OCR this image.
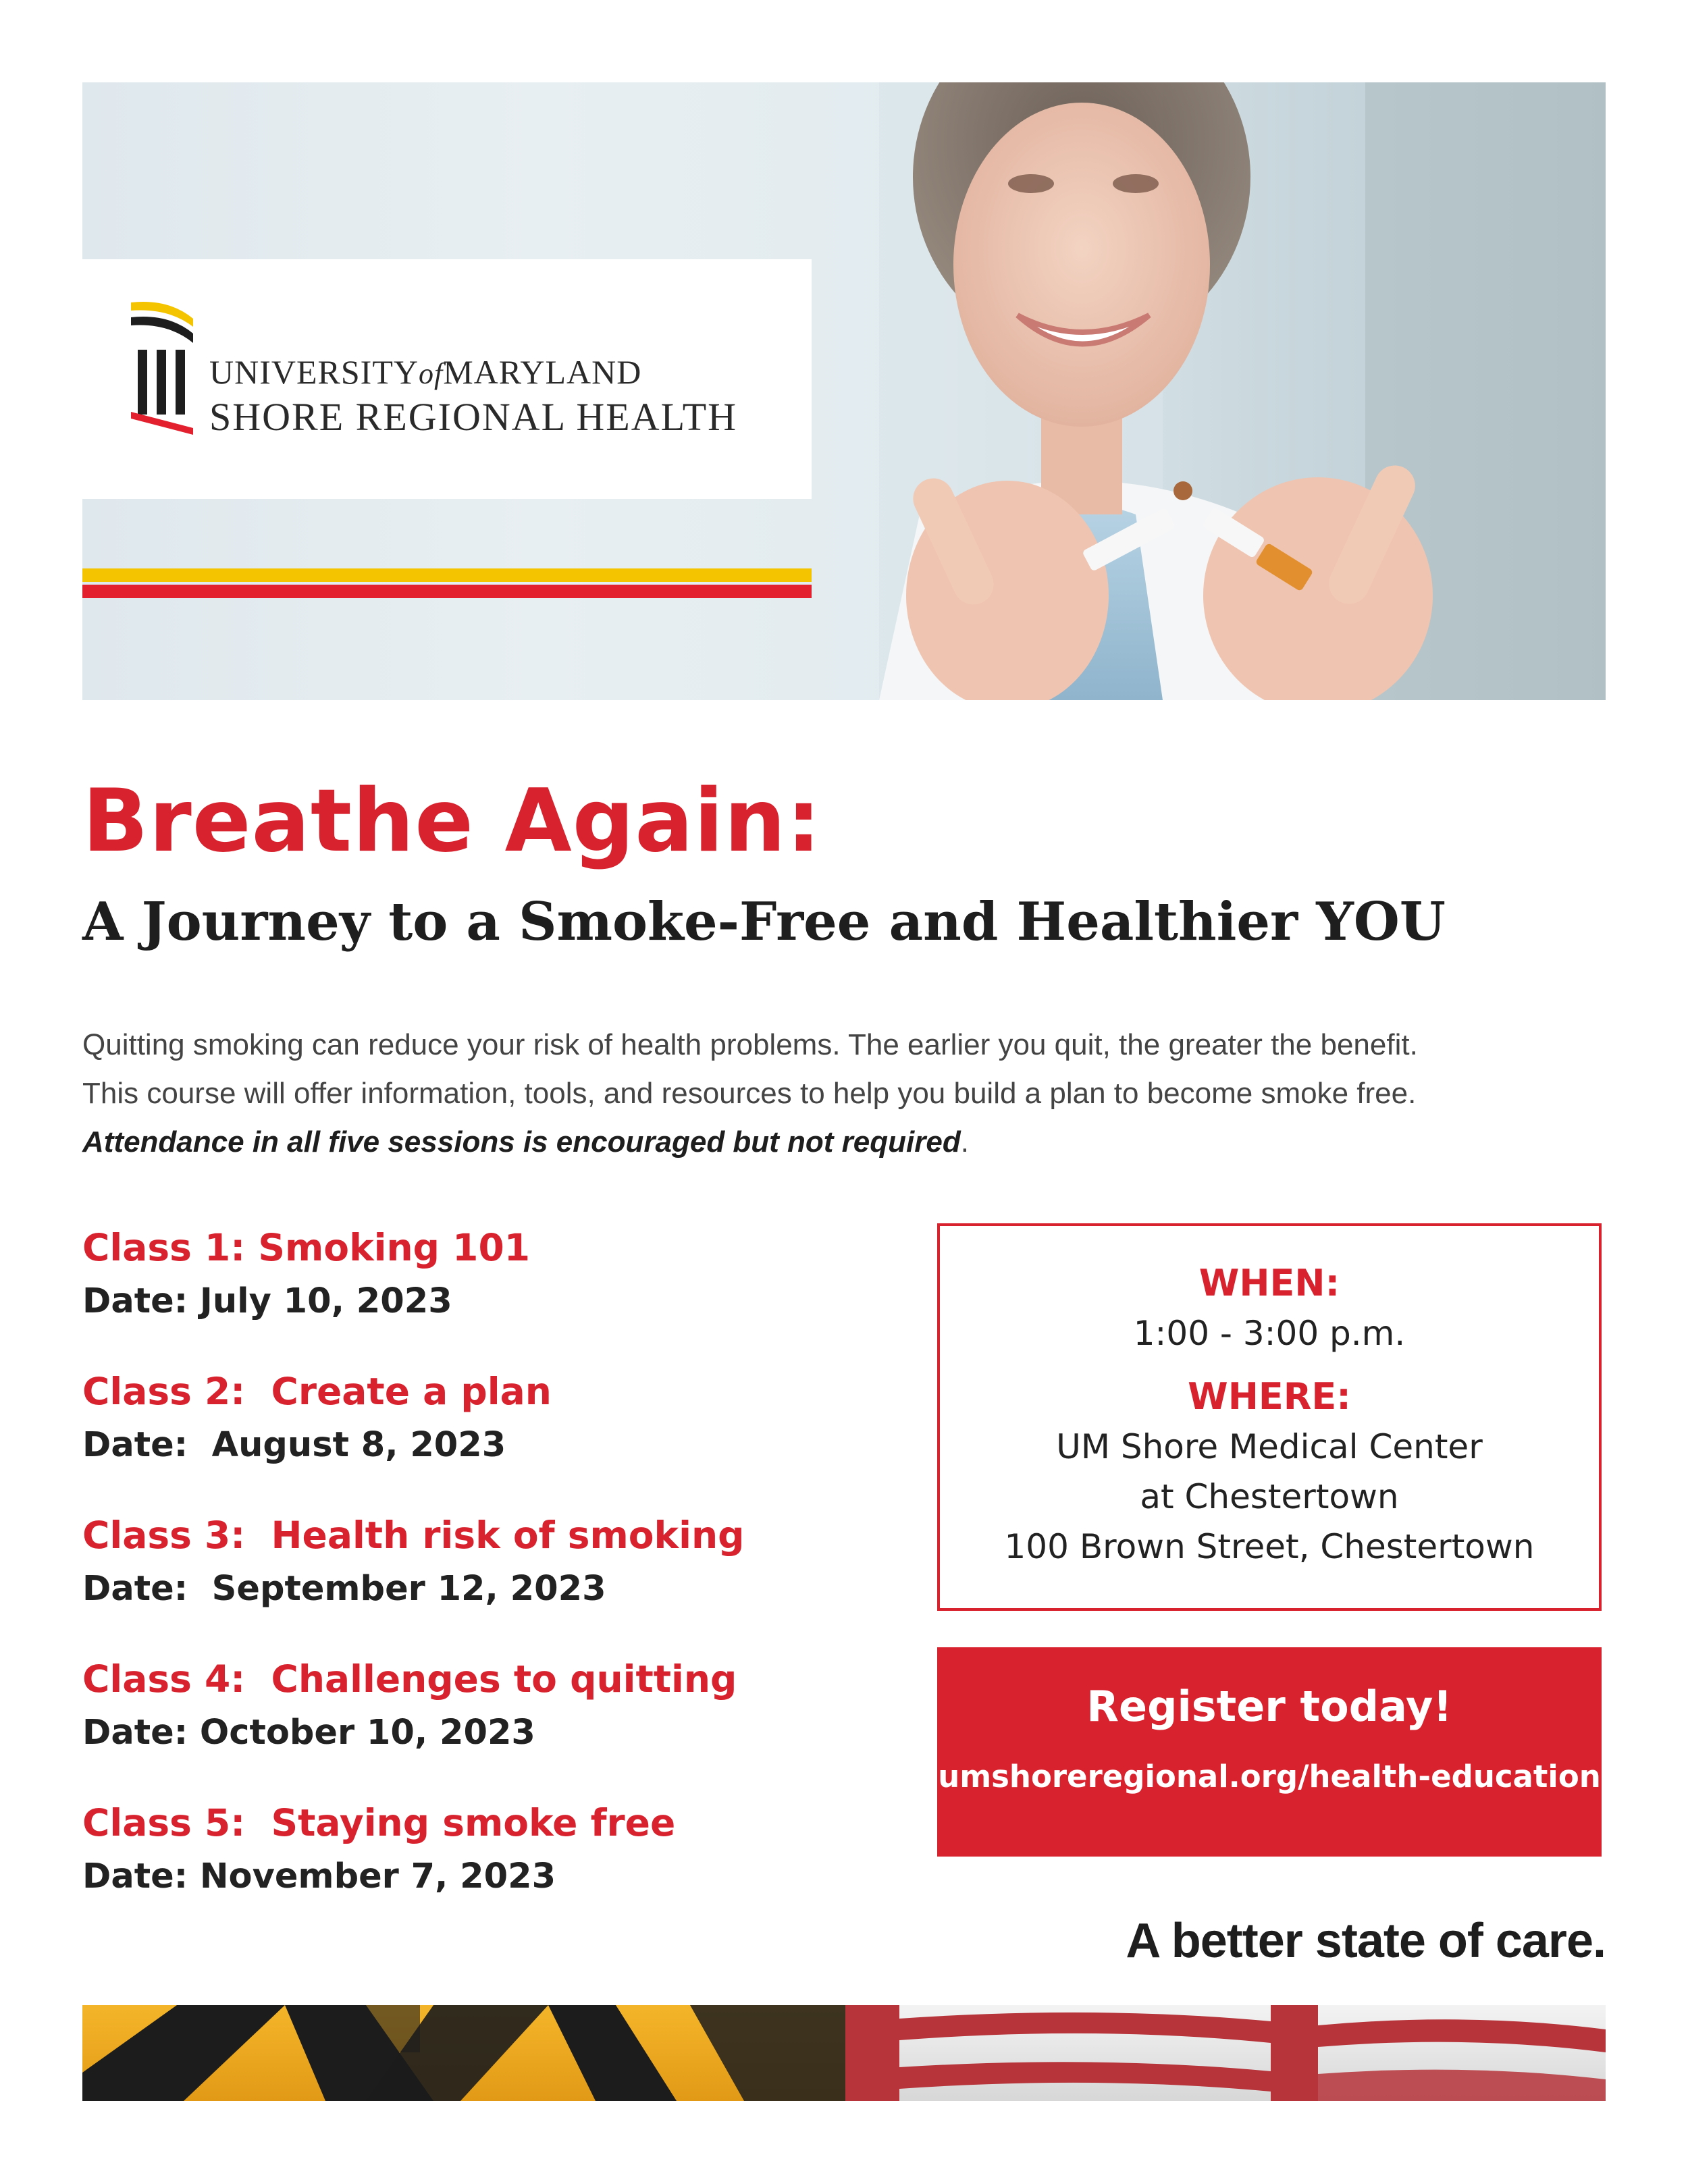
UNIVERSITYofMARYLAND
SHORE REGIONAL HEALTH
Breathe Again:
A Journey to a Smoke-Free and Healthier YOU

Quitting smoking can reduce your risk of health problems. The earlier you quit, the greater the benefit.

This course will offer information, tools, and resources to help you build a plan to become smoke free.

Attendance in all five sessions is encouraged but not required.

Class 1: Smoking 101
Date: July 10, 2023
Class 2:  Create a plan
Date:  August 8, 2023
Class 3:  Health risk of smoking
Date:  September 12, 2023
Class 4:  Challenges to quitting
Date: October 10, 2023
Class 5:  Staying smoke free
Date: November 7, 2023
WHEN:
1:00 - 3:00 p.m.
WHERE:
UM Shore Medical Center
at Chestertown
100 Brown Street, Chestertown
Register today!
umshoreregional.org/health-education
A better state of care.
